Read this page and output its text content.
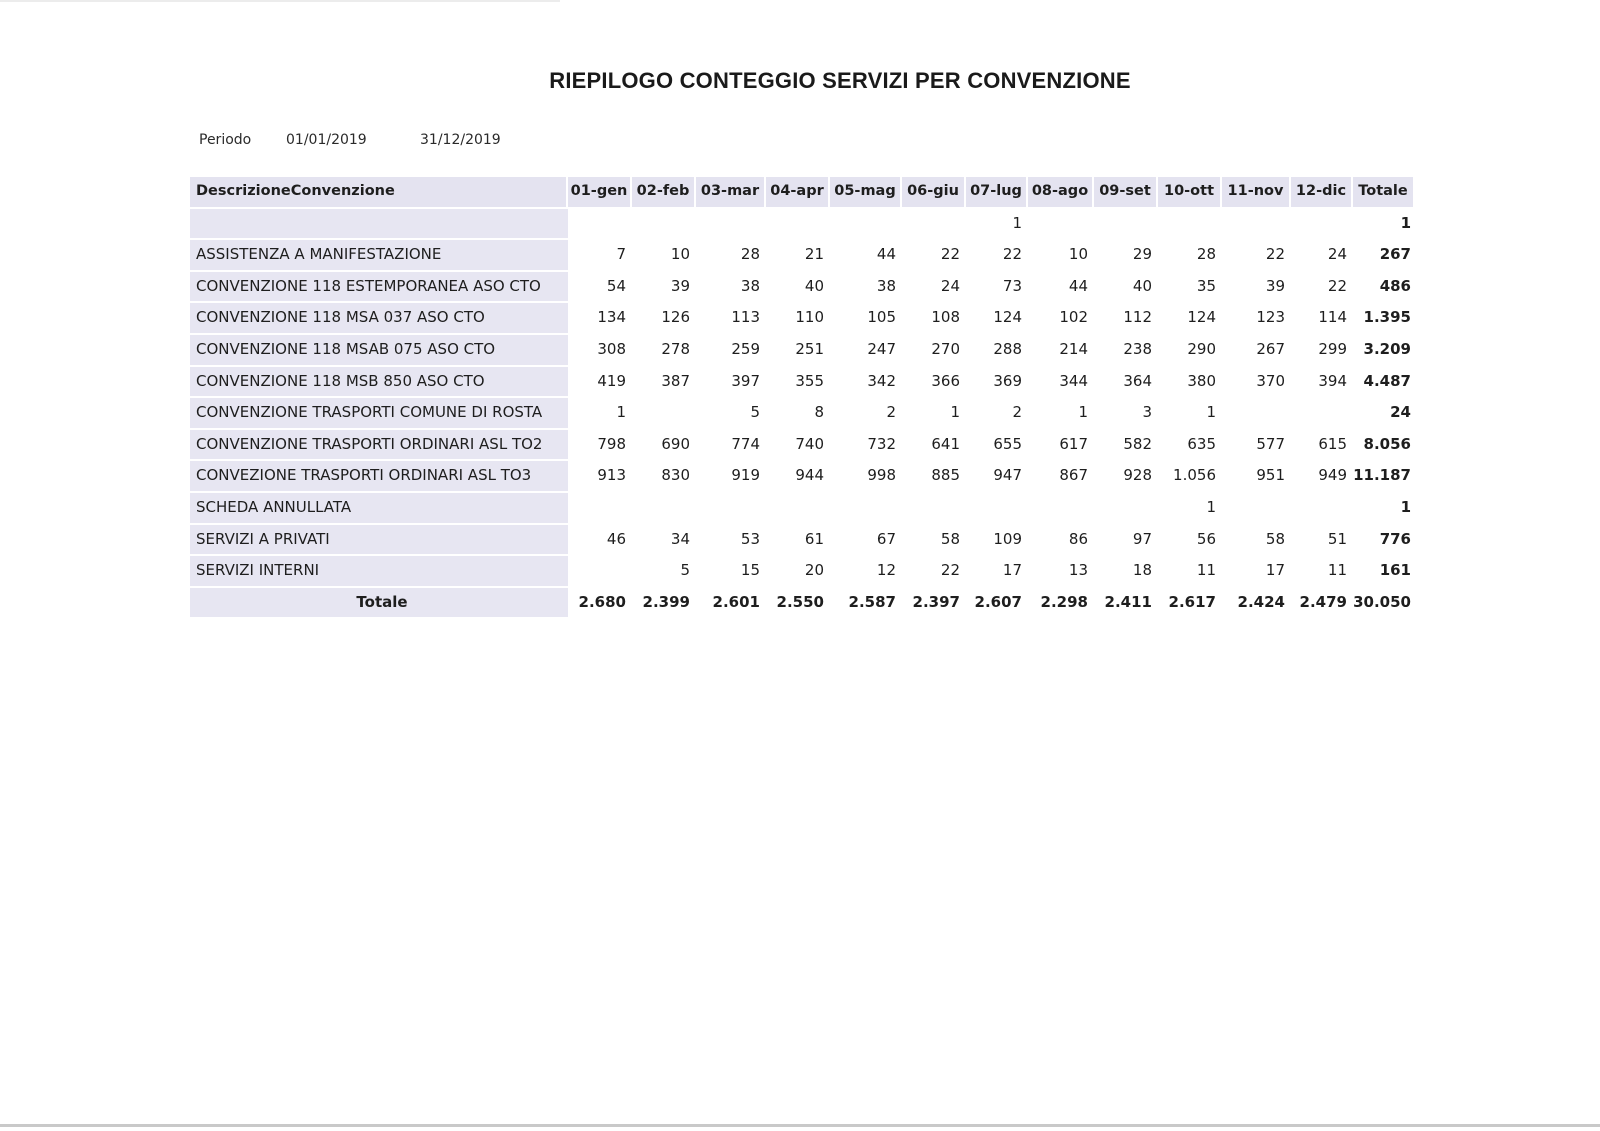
RIEPILOGO CONTEGGIO SERVIZI PER CONVENZIONE
Periodo 01/01/2019	31/12/2019
DescrizioneConvenzione	01-gen	02-feb	03-mar	04-apr	05-mag	06-giu	07-lug	08-ago	09-set	10-ott	11-nov	12-dic	Totale
							1						1
ASSISTENZA A MANIFESTAZIONE	7	10	28	21	44	22	22	10	29	28	22	24	267
CONVENZIONE 118 ESTEMPORANEA ASO CTO	54	39	38	40	38	24	73	44	40	35	39	22	486
CONVENZIONE 118 MSA 037 ASO CTO	134	126	113	110	105	108	124	102	112	124	123	114	1.395
CONVENZIONE 118 MSAB 075 ASO CTO	308	278	259	251	247	270	288	214	238	290	267	299	3.209
CONVENZIONE 118 MSB 850 ASO CTO	419	387	397	355	342	366	369	344	364	380	370	394	4.487
CONVENZIONE TRASPORTI COMUNE DI ROSTA	1		5	8	2	1	2	1	3	1			24
CONVENZIONE TRASPORTI ORDINARI ASL TO2	798	690	774	740	732	641	655	617	582	635	577	615	8.056
CONVEZIONE TRASPORTI ORDINARI ASL TO3	913	830	919	944	998	885	947	867	928	1.056	951	949	11.187
SCHEDA ANNULLATA										1			1
SERVIZI A PRIVATI	46	34	53	61	67	58	109	86	97	56	58	51	776
SERVIZI INTERNI		5	15	20	12	22	17	13	18	11	17	11	161
Totale	2.680	2.399	2.601	2.550	2.587	2.397	2.607	2.298	2.411	2.617	2.424	2.479	30.050
